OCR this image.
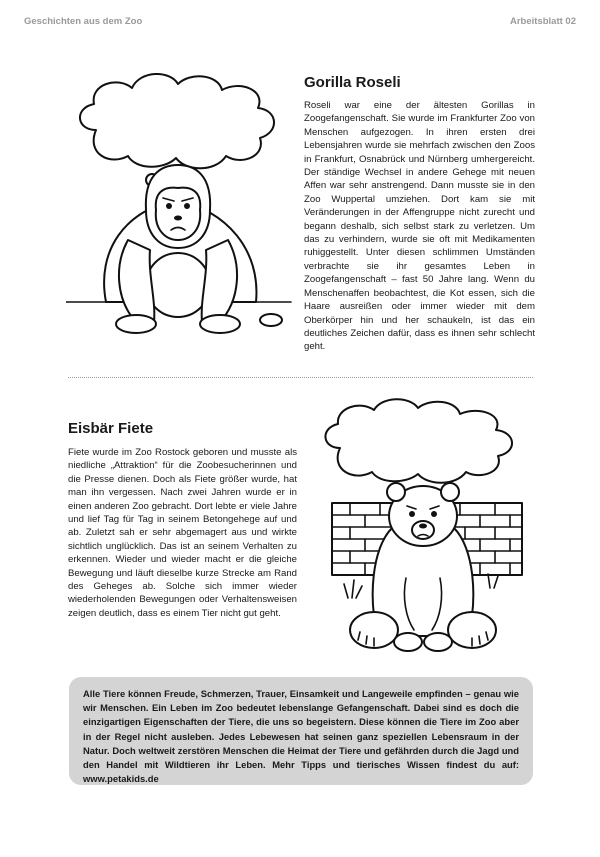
Geschichten aus dem Zoo	Arbeitsblatt 02
Gorilla Roseli

Roseli war eine der ältesten Gorillas in Zoogefangenschaft. Sie wurde im Frankfurter Zoo von Menschen aufgezogen. In ihren ersten drei Lebensjahren wurde sie mehrfach zwischen den Zoos in Frankfurt, Osnabrück und Nürnberg umhergereicht. Der ständige Wechsel in andere Gehege mit neuen Affen war sehr anstrengend. Dann musste sie in den Zoo Wuppertal umziehen. Dort kam sie mit Veränderungen in der Affengruppe nicht zurecht und begann deshalb, sich selbst stark zu verletzen. Um das zu verhindern, wurde sie oft mit Medikamenten ruhiggestellt. Unter diesen schlimmen Umständen verbrachte sie ihr gesamtes Leben in Zoogefangenschaft – fast 50 Jahre lang. Wenn du Menschenaffen beobachtest, die Kot essen, sich die Haare ausreißen oder immer wieder mit dem Oberkörper hin und her schaukeln, ist das ein deutliches Zeichen dafür, dass es ihnen sehr schlecht geht.

Eisbär Fiete

Fiete wurde im Zoo Rostock geboren und musste als niedliche „Attraktion“ für die Zoobesucherinnen und die Presse dienen. Doch als Fiete größer wurde, hat man ihn vergessen. Nach zwei Jahren wurde er in einen anderen Zoo gebracht. Dort lebte er viele Jahre und lief Tag für Tag in seinem Betongehege auf und ab. Zuletzt sah er sehr abgemagert aus und wirkte sichtlich unglücklich. Das ist an seinem Verhalten zu erkennen. Wieder und wieder macht er die gleiche Bewegung und läuft dieselbe kurze Strecke am Rand des Geheges ab. Solche sich immer wieder wiederholenden Bewegungen oder Verhaltensweisen zeigen deutlich, dass es einem Tier nicht gut geht.

Alle Tiere können Freude, Schmerzen, Trauer, Einsamkeit und Langeweile empfinden – genau wie wir Menschen. Ein Leben im Zoo bedeutet lebenslange Gefangenschaft. Dabei sind es doch die einzigartigen Eigenschaften der Tiere, die uns so begeistern. Diese können die Tiere im Zoo aber in der Regel nicht ausleben. Jedes Lebewesen hat seinen ganz speziellen Lebensraum in der Natur. Doch weltweit zerstören Menschen die Heimat der Tiere und gefährden durch die Jagd und den Handel mit Wildtieren ihr Leben. Mehr Tipps und tierisches Wissen findest du auf: www.petakids.de
